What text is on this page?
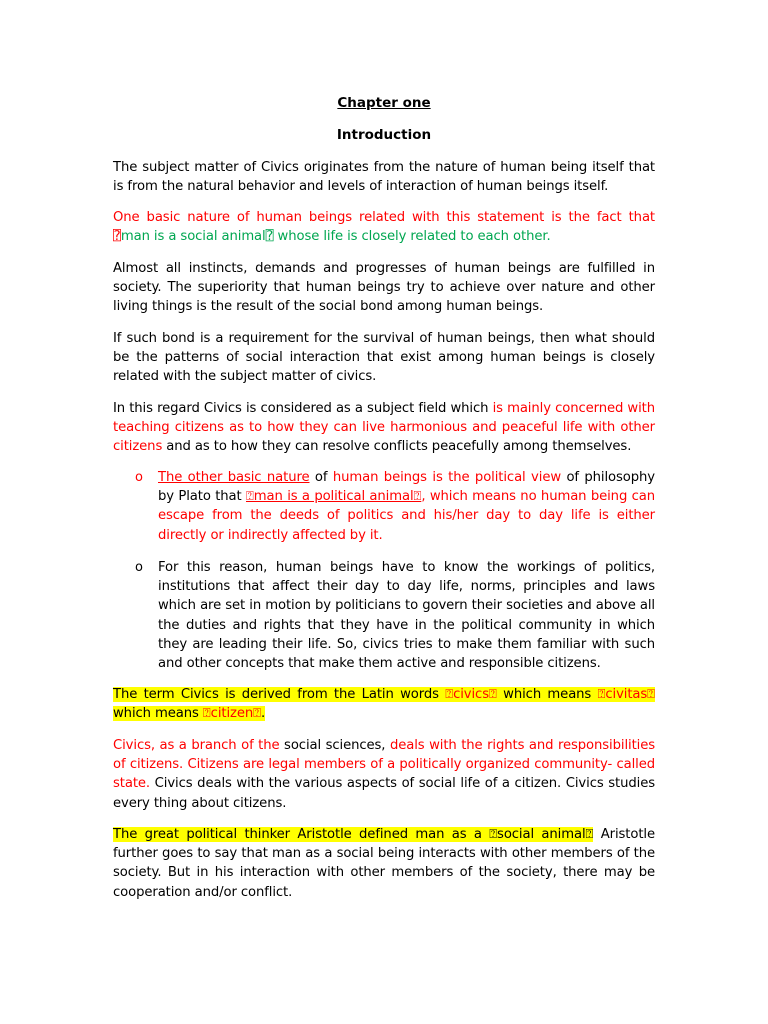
Chapter one
Introduction
The subject matter of Civics originates from the nature of human being itself that is from the natural behavior and levels of interaction of human beings itself.
One basic nature of human beings related with this statement is the fact that ⍰man is a social animal⍰ whose life is closely related to each other.
Almost all instincts, demands and progresses of human beings are fulfilled in society. The superiority that human beings try to achieve over nature and other living things is the result of the social bond among human beings.
If such bond is a requirement for the survival of human beings, then what should be the patterns of social interaction that exist among human beings is closely related with the subject matter of civics.
In this regard Civics is considered as a subject field which is mainly concerned with teaching citizens as to how they can live harmonious and peaceful life with other citizens and as to how they can resolve conflicts peacefully among themselves.
o The other basic nature of human beings is the political view of philosophy by Plato that ⍰man is a political animal⍰, which means no human being can escape from the deeds of politics and his/her day to day life is either directly or indirectly affected by it.
o For this reason, human beings have to know the workings of politics, institutions that affect their day to day life, norms, principles and laws which are set in motion by politicians to govern their societies and above all the duties and rights that they have in the political community in which they are leading their life. So, civics tries to make them familiar with such and other concepts that make them active and responsible citizens.
The term Civics is derived from the Latin words ⍰civics⍰ which means ⍰civitas⍰ which means ⍰citizen⍰.
Civics, as a branch of the social sciences, deals with the rights and responsibilities of citizens. Citizens are legal members of a politically organized community- called state. Civics deals with the various aspects of social life of a citizen. Civics studies every thing about citizens.
The great political thinker Aristotle defined man as a ⍰social animal⍰ Aristotle further goes to say that man as a social being interacts with other members of the society. But in his interaction with other members of the society, there may be cooperation and/or conflict.
